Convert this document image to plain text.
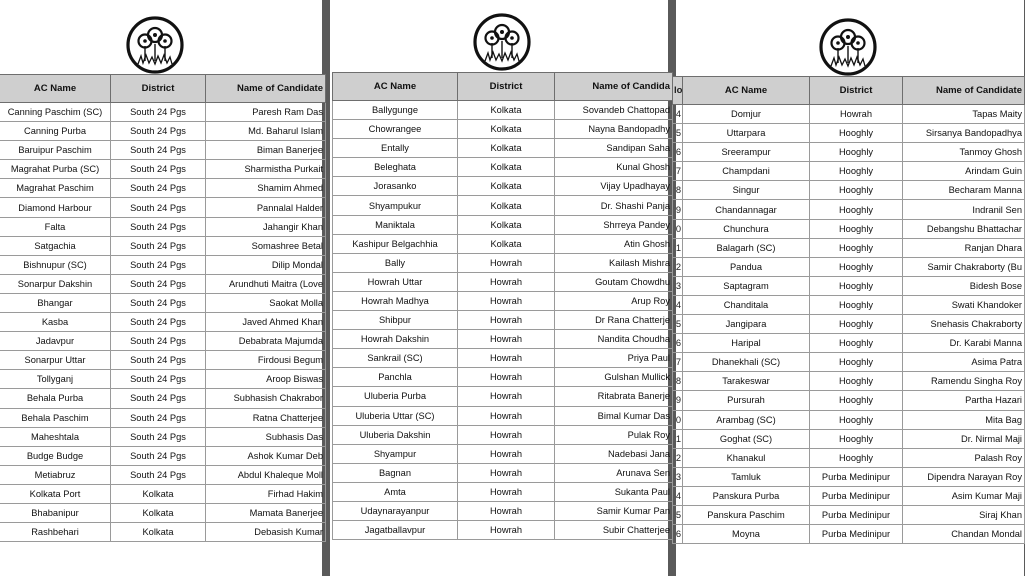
AC Name	District	Name of Candidate
Canning Paschim (SC)	South 24 Pgs	Paresh Ram Das
Canning Purba	South 24 Pgs	Md. Baharul Islam
Baruipur Paschim	South 24 Pgs	Biman Banerjee
Magrahat Purba (SC)	South 24 Pgs	Sharmistha Purkait
Magrahat Paschim	South 24 Pgs	Shamim Ahmed
Diamond Harbour	South 24 Pgs	Pannalal Halder
Falta	South 24 Pgs	Jahangir Khan
Satgachia	South 24 Pgs	Somashree Betal
Bishnupur (SC)	South 24 Pgs	Dilip Mondal
Sonarpur Dakshin	South 24 Pgs	Arundhuti Maitra (Love
Bhangar	South 24 Pgs	Saokat Molla
Kasba	South 24 Pgs	Javed Ahmed Khan
Jadavpur	South 24 Pgs	Debabrata Majumda
Sonarpur Uttar	South 24 Pgs	Firdousi Begum
Tollyganj	South 24 Pgs	Aroop Biswas
Behala Purba	South 24 Pgs	Subhasish Chakrabor
Behala Paschim	South 24 Pgs	Ratna Chatterjee
Maheshtala	South 24 Pgs	Subhasis Das
Budge Budge	South 24 Pgs	Ashok Kumar Deb
Metiabruz	South 24 Pgs	Abdul Khaleque Moll
Kolkata Port	Kolkata	Firhad Hakim
Bhabanipur	Kolkata	Mamata Banerjee
Rashbehari	Kolkata	Debasish Kumar
AC Name	District	Name of Candida
Ballygunge	Kolkata	Sovandeb Chattopad
Chowrangee	Kolkata	Nayna Bandopadhy
Entally	Kolkata	Sandipan Saha
Beleghata	Kolkata	Kunal Ghosh
Jorasanko	Kolkata	Vijay Upadhayay
Shyampukur	Kolkata	Dr. Shashi Panja
Maniktala	Kolkata	Shrreya Pandey
Kashipur Belgachhia	Kolkata	Atin Ghosh
Bally	Howrah	Kailash Mishra
Howrah Uttar	Howrah	Goutam Chowdhu
Howrah Madhya	Howrah	Arup Roy
Shibpur	Howrah	Dr Rana Chatterje
Howrah Dakshin	Howrah	Nandita Choudha
Sankrail (SC)	Howrah	Priya Paul
Panchla	Howrah	Gulshan Mullick
Uluberia Purba	Howrah	Ritabrata Banerje
Uluberia Uttar (SC)	Howrah	Bimal Kumar Das
Uluberia Dakshin	Howrah	Pulak Roy
Shyampur	Howrah	Nadebasi Jana
Bagnan	Howrah	Arunava Sen
Amta	Howrah	Sukanta Paul
Udaynarayanpur	Howrah	Samir Kumar Pan
Jagatballavpur	Howrah	Subir Chatterjee
lo	AC Name	District	Name of Candidate
4	Domjur	Howrah	Tapas Maity
5	Uttarpara	Hooghly	Sirsanya Bandopadhya
6	Sreerampur	Hooghly	Tanmoy Ghosh
7	Champdani	Hooghly	Arindam Guin
8	Singur	Hooghly	Becharam Manna
9	Chandannagar	Hooghly	Indranil Sen
0	Chunchura	Hooghly	Debangshu Bhattachar
1	Balagarh (SC)	Hooghly	Ranjan Dhara
2	Pandua	Hooghly	Samir Chakraborty (Bu
3	Saptagram	Hooghly	Bidesh Bose
4	Chanditala	Hooghly	Swati Khandoker
5	Jangipara	Hooghly	Snehasis Chakraborty
6	Haripal	Hooghly	Dr. Karabi Manna
7	Dhanekhali (SC)	Hooghly	Asima Patra
8	Tarakeswar	Hooghly	Ramendu Singha Roy
9	Pursurah	Hooghly	Partha Hazari
0	Arambag (SC)	Hooghly	Mita Bag
1	Goghat (SC)	Hooghly	Dr. Nirmal Maji
2	Khanakul	Hooghly	Palash Roy
3	Tamluk	Purba Medinipur	Dipendra Narayan Roy
4	Panskura Purba	Purba Medinipur	Asim Kumar Maji
5	Panskura Paschim	Purba Medinipur	Siraj Khan
6	Moyna	Purba Medinipur	Chandan Mondal
